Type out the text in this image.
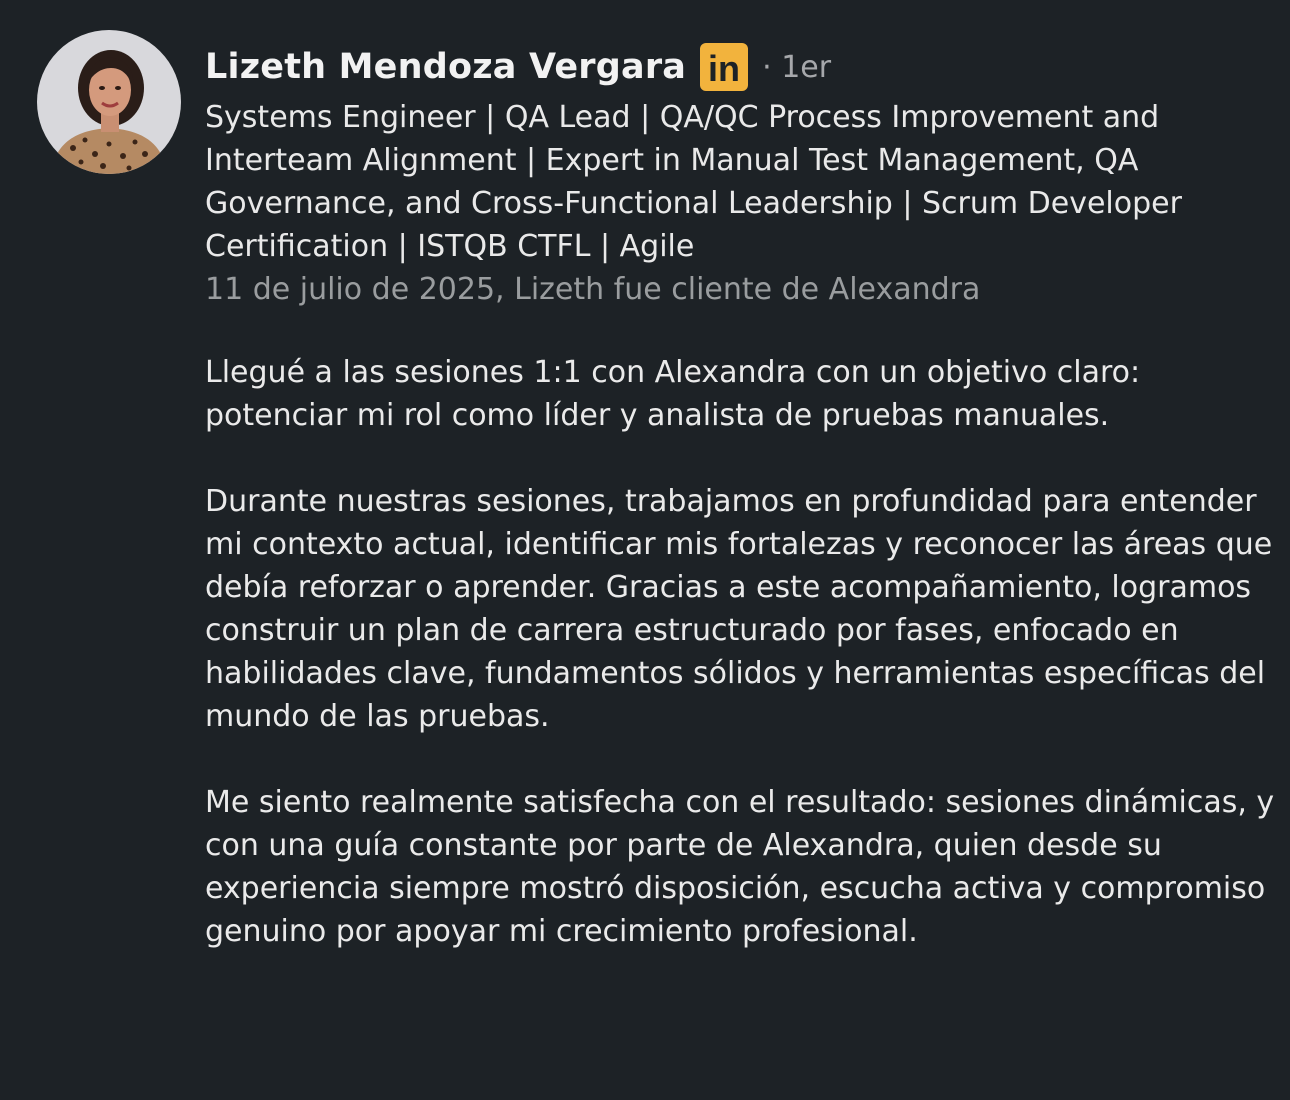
Lizeth Mendoza Vergara in · 1er
Systems Engineer | QA Lead | QA/QC Process Improvement and Interteam Alignment | Expert in Manual Test Management, QA Governance, and Cross-Functional Leadership | Scrum Developer Certification | ISTQB CTFL | Agile
11 de julio de 2025, Lizeth fue cliente de Alexandra

Llegué a las sesiones 1:1 con Alexandra con un objetivo claro: potenciar mi rol como líder y analista de pruebas manuales.

Durante nuestras sesiones, trabajamos en profundidad para entender mi contexto actual, identificar mis fortalezas y reconocer las áreas que debía reforzar o aprender. Gracias a este acompañamiento, logramos construir un plan de carrera estructurado por fases, enfocado en habilidades clave, fundamentos sólidos y herramientas específicas del mundo de las pruebas.

Me siento realmente satisfecha con el resultado: sesiones dinámicas, y con una guía constante por parte de Alexandra, quien desde su experiencia siempre mostró disposición, escucha activa y compromiso genuino por apoyar mi crecimiento profesional.
